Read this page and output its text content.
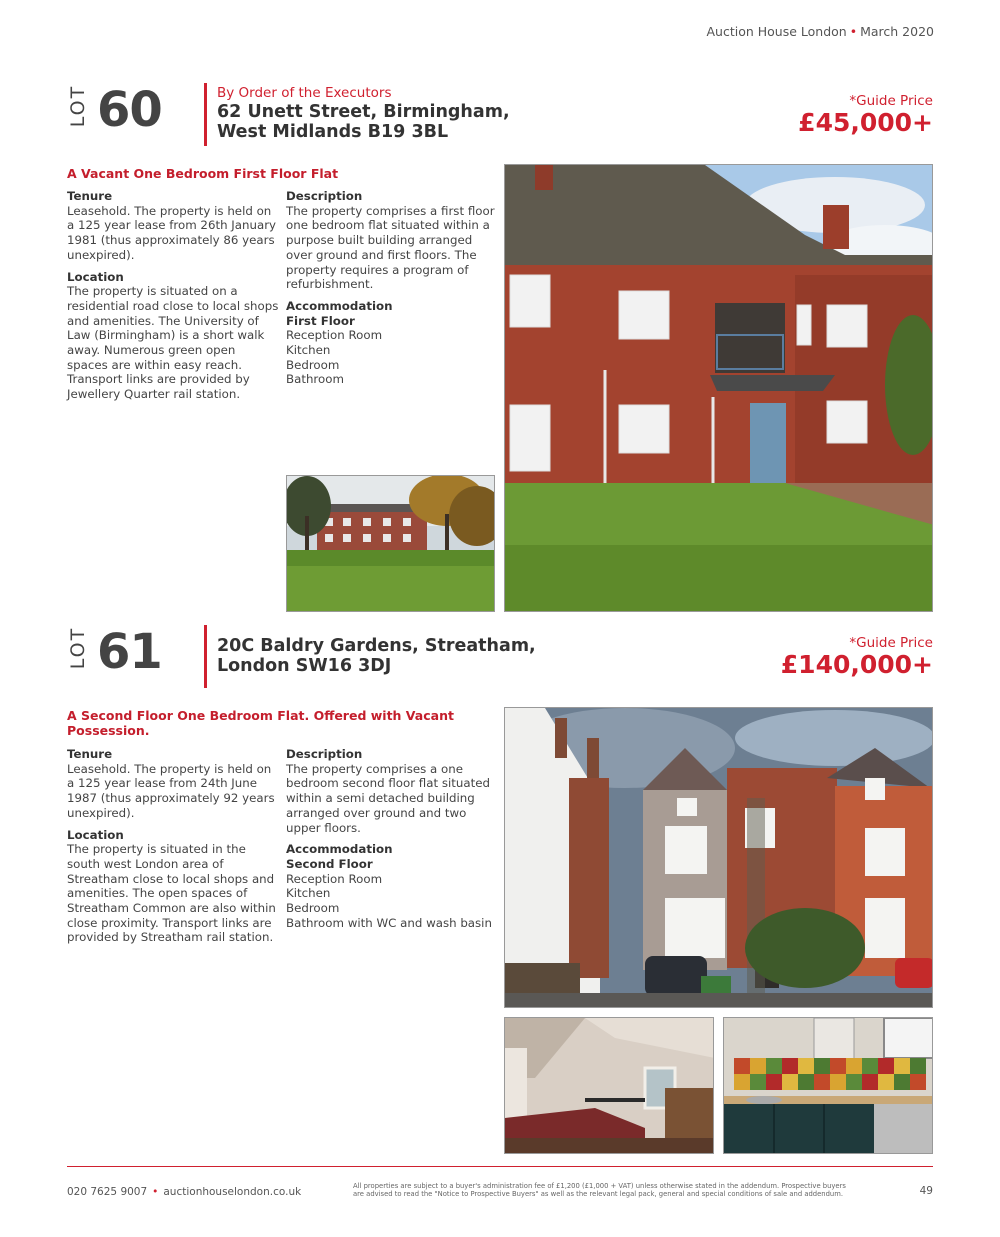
Auction House London • March 2020
LOT 60	By Order of the Executors
62 Unett Street, Birmingham,
West Midlands B19 3BL
*Guide Price
£45,000+
A Vacant One Bedroom First Floor Flat
Tenure

Leasehold. The property is held on a 125 year lease from 26th January 1981 (thus approximately 86 years unexpired).

Location

The property is situated on a residential road close to local shops and amenities. The University of Law (Birmingham) is a short walk away. Numerous green open spaces are within easy reach. Transport links are provided by Jewellery Quarter rail station.

Description

The property comprises a first floor one bedroom flat situated within a purpose built building arranged over ground and first floors. The property requires a program of refurbishment.

Accommodation
First Floor
Reception Room
Kitchen
Bedroom
Bathroom
LOT 61	20C Baldry Gardens, Streatham,
London SW16 3DJ
*Guide Price
£140,000+
A Second Floor One Bedroom Flat. Offered with Vacant
Possession.
Tenure

Leasehold. The property is held on a 125 year lease from 24th June 1987 (thus approximately 92 years unexpired).

Location

The property is situated in the south west London area of Streatham close to local shops and amenities. The open spaces of Streatham Common are also within close proximity. Transport links are provided by Streatham rail station.

Description

The property comprises a one bedroom second floor flat situated within a semi detached building arranged over ground and two upper floors.

Accommodation
Second Floor
Reception Room
Kitchen
Bedroom
Bathroom with WC and wash basin
020 7625 9007 • auctionhouselondon.co.uk	All properties are subject to a buyer's administration fee of £1,200 (£1,000 + VAT) unless otherwise stated in the addendum. Prospective buyers are advised to read the "Notice to Prospective Buyers" as well as the relevant legal pack, general and special conditions of sale and addendum.	49
